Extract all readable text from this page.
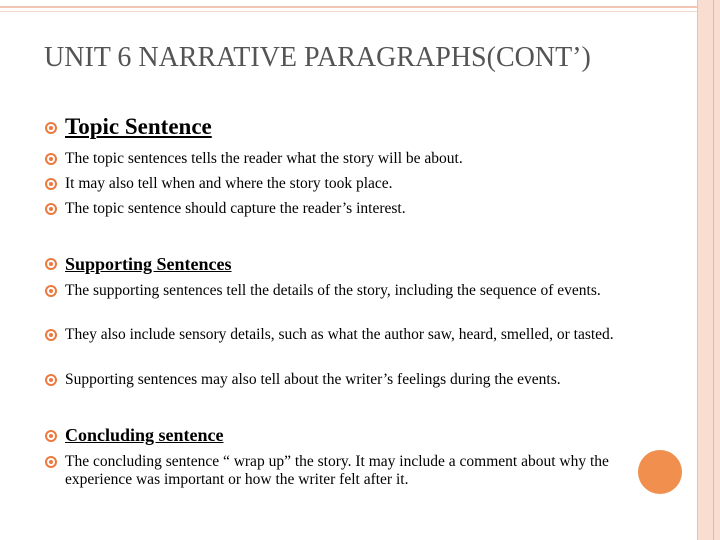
UNIT 6 NARRATIVE PARAGRAPHS(CONT’)
Topic Sentence
The topic sentences tells the reader what the story will be about.
It may also tell when and where the story took place.
The topic sentence should capture the reader’s interest.
Supporting Sentences
The supporting sentences tell the details of the story, including the sequence of events.
They also include sensory details, such as what the author saw, heard, smelled, or tasted.
Supporting sentences may also tell about the writer’s feelings during the events.
Concluding sentence
The concluding sentence “ wrap up” the story. It may include a comment about why the experience was important or how the writer felt after it.
